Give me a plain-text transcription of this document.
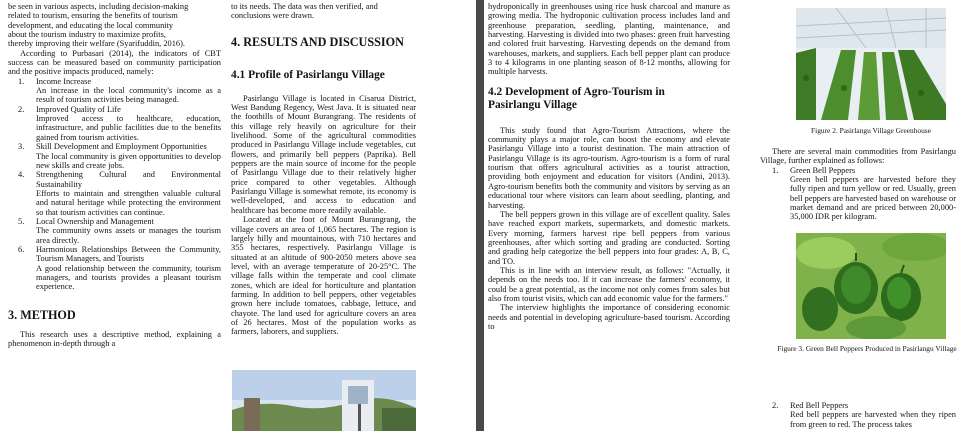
be seen in various aspects, including decision-making

related to tourism, ensuring the benefits of tourism

development, and educating the local community

about the tourism industry to maximize profits,

thereby improving their welfare (Syarifuddin, 2016).

According to Purbasari (2014), the indicators of CBT success can be measured based on community participation and the positive impacts produced, namely:

1. Income Increase
An increase in the local community's income as a result of tourism activities being managed.
2. Improved Quality of Life
Improved access to healthcare, education, infrastructure, and public facilities due to the benefits gained from tourism activities.
3. Skill Development and Employment Opportunities
The local community is given opportunities to develop new skills and create jobs.
4. Strengthening Cultural and Environmental Sustainability
Efforts to maintain and strengthen valuable cultural and natural heritage while protecting the environment so that tourism activities can continue.
5. Local Ownership and Management
The community owns assets or manages the tourism area directly.
6. Harmonious Relationships Between the Community, Tourism Managers, and Tourists
A good relationship between the community, tourism managers, and tourists provides a pleasant tourism experience.
3. METHOD

This research uses a descriptive method, explaining a phenomenon in-depth through a

to its needs. The data was then verified, and

conclusions were drawn.

4. RESULTS AND DISCUSSION
4.1 Profile of Pasirlangu Village

Pasirlangu Village is located in Cisarua District, West Bandung Regency, West Java. It is situated near the foothills of Mount Burangrang. The residents of this village rely heavily on agriculture for their livelihood. Some of the agricultural commodities produced in Pasirlangu Village include vegetables, cut flowers, and primarily bell peppers (Paprika). Bell peppers are the main source of income for the people of Pasirlangu Village due to their relatively higher price compared to other vegetables. Although Pasirlangu Village is somewhat remote, its economy is well-developed, and access to education and healthcare has become more readily available.

Located at the foot of Mount Burangrang, the village covers an area of 1,065 hectares. The region is largely hilly and mountainous, with 710 hectares and 355 hectares, respectively. Pasirlangu Village is situated at an altitude of 900-2050 meters above sea level, with an average temperature of 20-25°C. The village falls within the temperate and cool climate zones, which are ideal for horticulture and plantation farming. In addition to bell peppers, other vegetables grown here include tomatoes, cabbage, lettuce, and chayote. The land used for agriculture covers an area of 26 hectares. Most of the population works as farmers, laborers, and suppliers.

hydroponically in greenhouses using rice husk charcoal and manure as growing media. The hydroponic cultivation process includes land and greenhouse preparation, seedling, planting, maintenance, and harvesting. Harvesting is divided into two phases: green fruit harvesting and colored fruit harvesting. Harvesting depends on the demand from warehouses, markets, and suppliers. Each bell pepper plant can produce 3 to 4 kilograms in one planting season of 8-12 months, allowing for multiple harvests.

4.2 Development of Agro-Tourism in Pasirlangu Village

This study found that Agro-Tourism Attractions, where the community plays a major role, can boost the economy and elevate Pasirlangu Village into a tourist destination. The main attraction of Pasirlangu Village is its agro-tourism. Agro-tourism is a form of rural tourism that offers agricultural activities as a tourist attraction, providing both enjoyment and education for visitors (Andini, 2013). Agro-tourism benefits both the community and visitors by serving as an educational tour where visitors can learn about seedling, planting, and harvesting.

The bell peppers grown in this village are of excellent quality. Sales have reached export markets, supermarkets, and domestic markets. Every morning, farmers harvest ripe bell peppers from various greenhouses, after which sorting and grading are conducted. Sorting and grading help categorize the bell peppers into four grades: A, B, C, and TO.

This is in line with an interview result, as follows: "Actually, it depends on the needs too. If it can increase the farmers' economy, it could be a great potential, as the income not only comes from sales but also from tourist visits, which can add economic value for the farmers."

The interview highlights the importance of considering economic needs and potential in developing agriculture-based tourism. According to

Figure 2. Pasirlangu Village Greenhouse

There are several main commodities from Pasirlangu Village, further explained as follows:

1. Green Bell Peppers

Green bell peppers are harvested before they fully ripen and turn yellow or red. Usually, green bell peppers are harvested based on warehouse or market demand and are priced between 20,000-35,000 IDR per kilogram.

Figure 3. Green Bell Peppers Produced in Pasirlangu Village
2. Red Bell Peppers

Red bell peppers are harvested when they ripen from green to red. The process takes
